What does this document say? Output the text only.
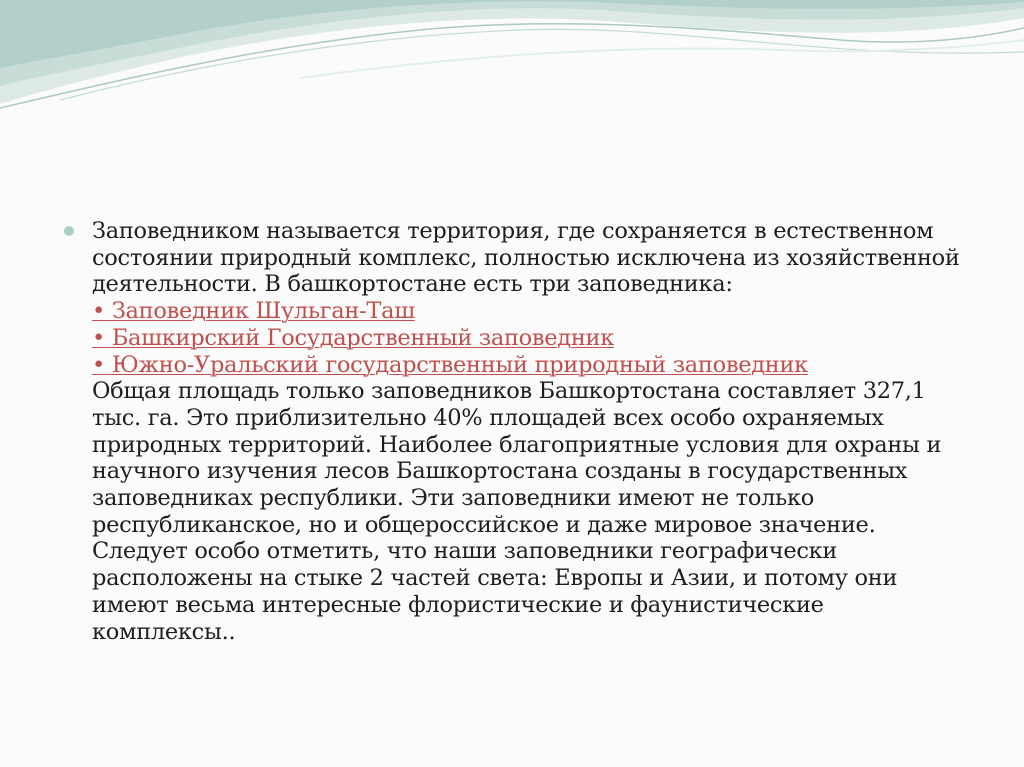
Заповедником называется территория, где сохраняется в естественном состоянии природный комплекс, полностью исключена из хозяйственной деятельности. В башкортостане есть три заповедника:

• Заповедник Шульган-Таш
• Башкирский Государственный заповедник
• Южно-Уральский государственный природный заповедник

Общая площадь только заповедников Башкортостана составляет 327,1 тыс. га. Это приблизительно 40% площадей всех особо охраняемых природных территорий. Наиболее благоприятные условия для охраны и научного изучения лесов Башкортостана созданы в государственных заповедниках республики. Эти заповедники имеют не только республиканское, но и общероссийское и даже мировое значение. Следует особо отметить, что наши заповедники географически расположены на стыке 2 частей света: Европы и Азии, и потому они имеют весьма интересные флористические и фаунистические комплексы..
